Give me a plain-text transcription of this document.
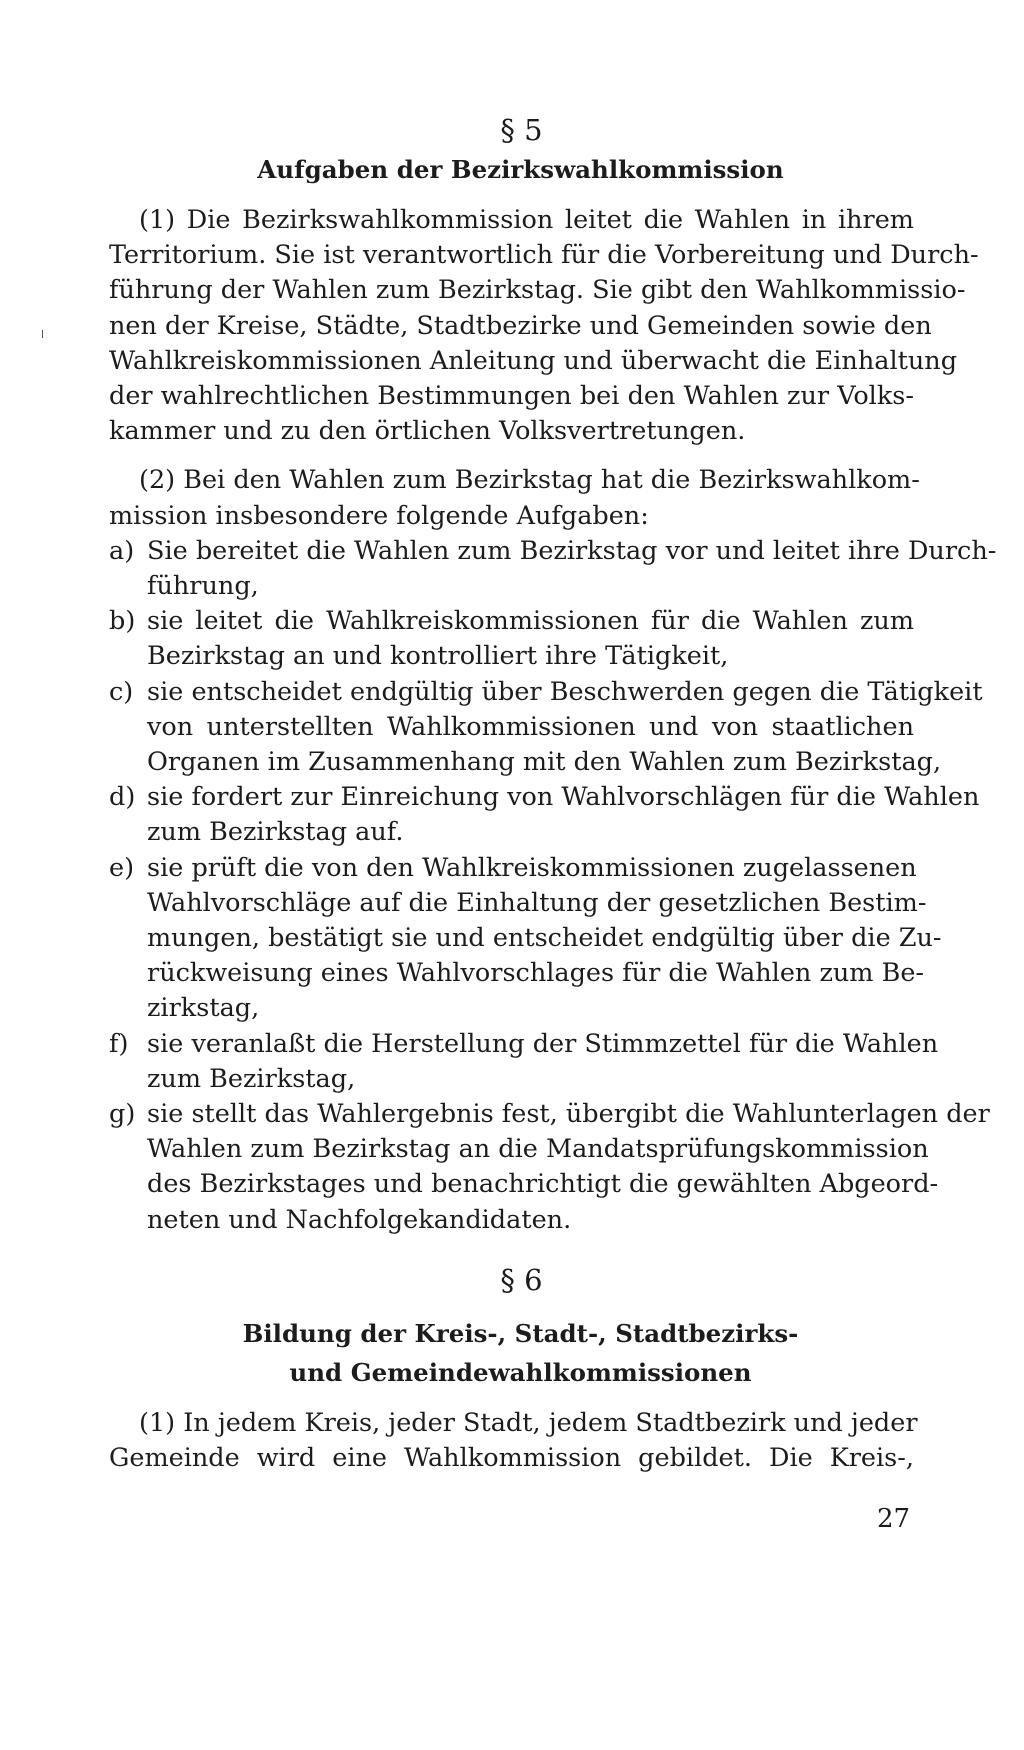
§ 5
Aufgaben der Bezirkswahlkommission
(1) Die Bezirkswahlkommission leitet die Wahlen in ihrem
Territorium. Sie ist verantwortlich für die Vorbereitung und Durch-
führung der Wahlen zum Bezirkstag. Sie gibt den Wahlkommissio-
nen der Kreise, Städte, Stadtbezirke und Gemeinden sowie den
Wahlkreiskommissionen Anleitung und überwacht die Einhaltung
der wahlrechtlichen Bestimmungen bei den Wahlen zur Volks-
kammer und zu den örtlichen Volksvertretungen.
(2) Bei den Wahlen zum Bezirkstag hat die Bezirkswahlkom-
mission insbesondere folgende Aufgaben:
a) Sie bereitet die Wahlen zum Bezirkstag vor und leitet ihre Durch-
führung,
b) sie leitet die Wahlkreiskommissionen für die Wahlen zum
Bezirkstag an und kontrolliert ihre Tätigkeit,
c) sie entscheidet endgültig über Beschwerden gegen die Tätigkeit
von unterstellten Wahlkommissionen und von staatlichen
Organen im Zusammenhang mit den Wahlen zum Bezirkstag,
d) sie fordert zur Einreichung von Wahlvorschlägen für die Wahlen
zum Bezirkstag auf.
e) sie prüft die von den Wahlkreiskommissionen zugelassenen
Wahlvorschläge auf die Einhaltung der gesetzlichen Bestim-
mungen, bestätigt sie und entscheidet endgültig über die Zu-
rückweisung eines Wahlvorschlages für die Wahlen zum Be-
zirkstag,
f) sie veranlaßt die Herstellung der Stimmzettel für die Wahlen
zum Bezirkstag,
g) sie stellt das Wahlergebnis fest, übergibt die Wahlunterlagen der
Wahlen zum Bezirkstag an die Mandatsprüfungskommission
des Bezirkstages und benachrichtigt die gewählten Abgeord-
neten und Nachfolgekandidaten.
§ 6
Bildung der Kreis-, Stadt-, Stadtbezirks-
und Gemeindewahlkommissionen
(1) In jedem Kreis, jeder Stadt, jedem Stadtbezirk und jeder
Gemeinde wird eine Wahlkommission gebildet. Die Kreis-,
27
